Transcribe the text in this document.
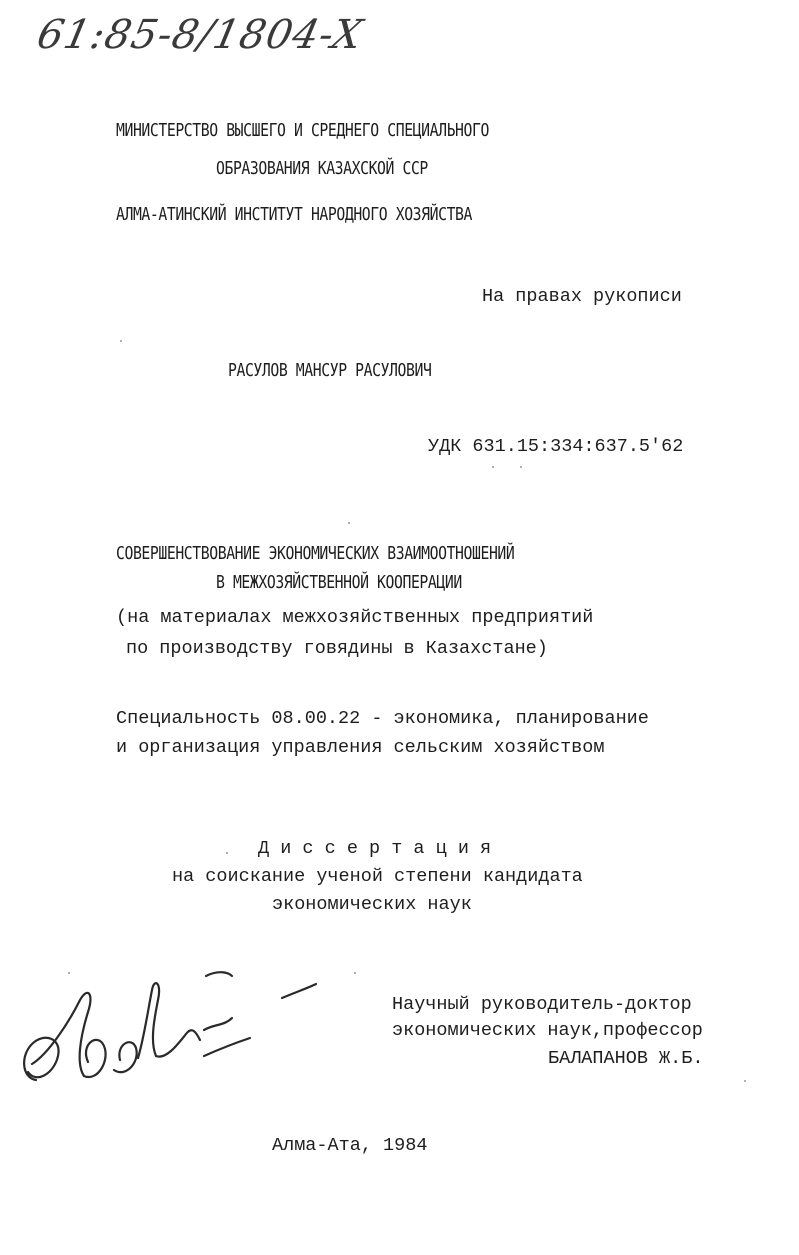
61:85-8/1804-X

МИНИСТЕРСТВО ВЫСШЕГО И СРЕДНЕГО СПЕЦИАЛЬНОГО

ОБРАЗОВАНИЯ КАЗАХСКОЙ ССР

АЛМА-АТИНСКИЙ ИНСТИТУТ НАРОДНОГО ХОЗЯЙСТВА

На правах рукописи

РАСУЛОВ МАНСУР РАСУЛОВИЧ

УДК 631.15:334:637.5'62

СОВЕРШЕНСТВОВАНИЕ ЭКОНОМИЧЕСКИХ ВЗАИМООТНОШЕНИЙ

В МЕЖХОЗЯЙСТВЕННОЙ КООПЕРАЦИИ

(на материалах межхозяйственных предприятий

по производству говядины в Казахстане)

Специальность 08.00.22 - экономика, планирование

и организация управления сельским хозяйством

Д и с с е р т а ц и я

на соискание ученой степени кандидата

экономических наук

Научный руководитель-доктор

экономических наук,профессор

БАЛАПАНОВ Ж.Б.

Алма-Ата, 1984
